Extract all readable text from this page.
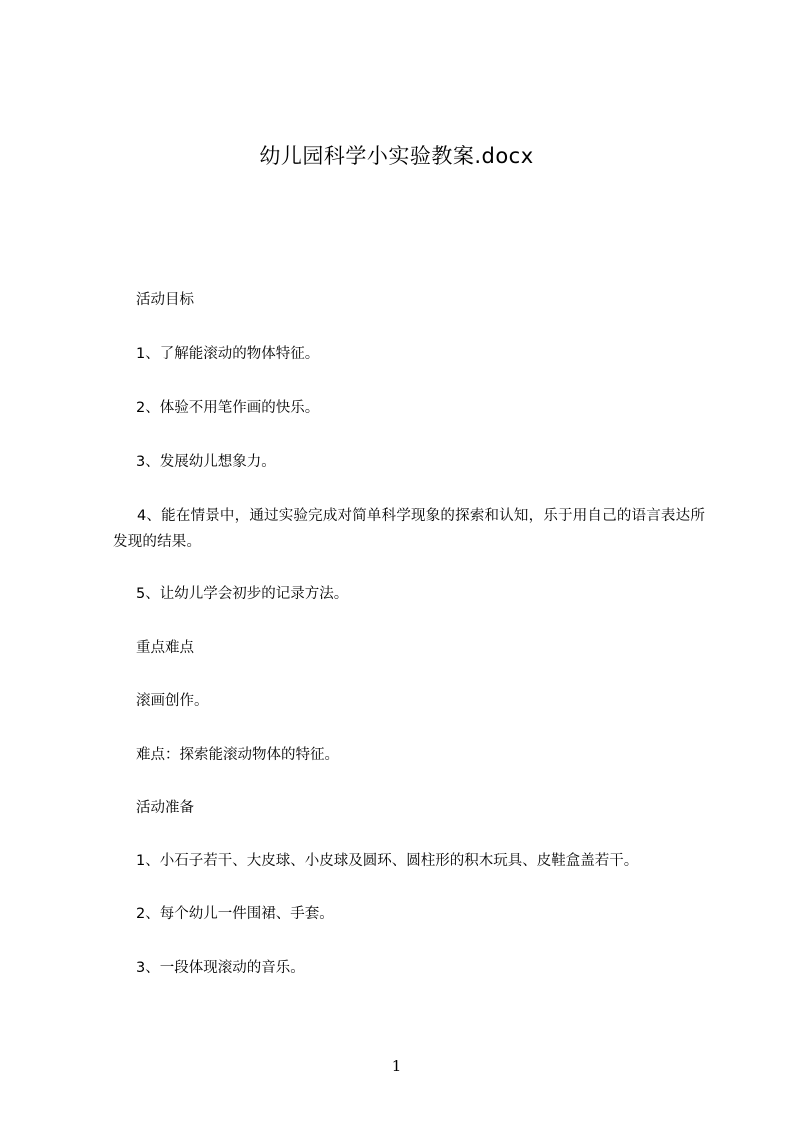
幼儿园科学小实验教案.docx
活动目标
1、了解能滚动的物体特征。
2、体验不用笔作画的快乐。
3、发展幼儿想象力。
4、能在情景中，通过实验完成对简单科学现象的探索和认知，乐于用自己的语言表达所发现的结果。
5、让幼儿学会初步的记录方法。
重点难点
滚画创作。
难点：探索能滚动物体的特征。
活动准备
1、小石子若干、大皮球、小皮球及圆环、圆柱形的积木玩具、皮鞋盒盖若干。
2、每个幼儿一件围裙、手套。
3、一段体现滚动的音乐。
1
